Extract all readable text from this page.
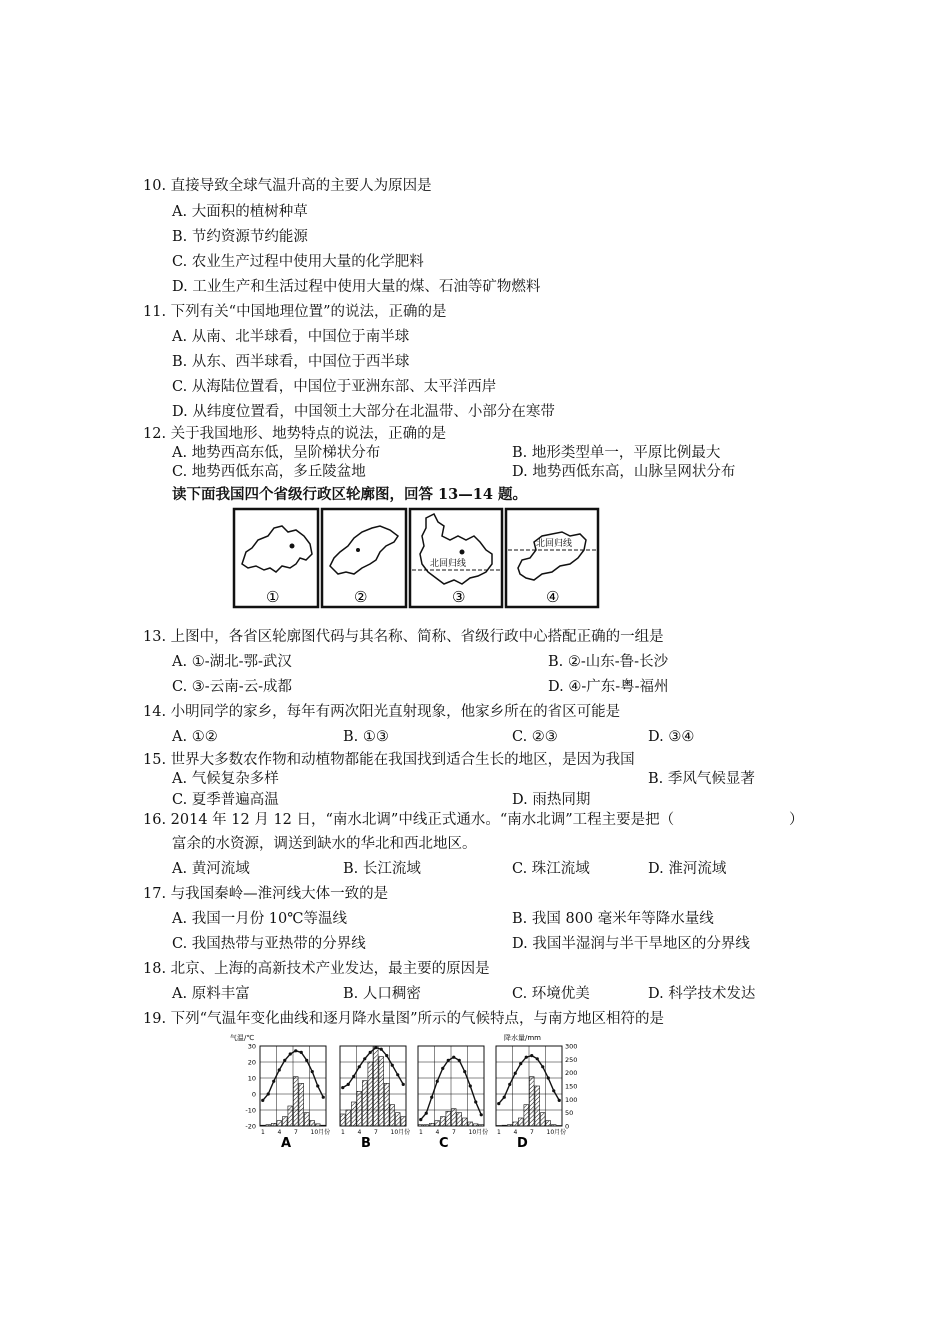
10. 直接导致全球气温升高的主要人为原因是
A. 大面积的植树种草
B. 节约资源节约能源
C. 农业生产过程中使用大量的化学肥料
D. 工业生产和生活过程中使用大量的煤、石油等矿物燃料
11. 下列有关“中国地理位置”的说法，正确的是
A. 从南、北半球看，中国位于南半球
B. 从东、西半球看，中国位于西半球
C. 从海陆位置看，中国位于亚洲东部、太平洋西岸
D. 从纬度位置看，中国领土大部分在北温带、小部分在寒带
12. 关于我国地形、地势特点的说法，正确的是
A. 地势西高东低，呈阶梯状分布	B. 地形类型单一，平原比例最大
C. 地势西低东高，多丘陵盆地	D. 地势西低东高，山脉呈网状分布
读下面我国四个省级行政区轮廓图，回答 13—14 题。
①	②
北回归线
③
北回归线
④
13. 上图中，各省区轮廓图代码与其名称、简称、省级行政中心搭配正确的一组是
A. ①-湖北-鄂-武汉	B. ②-山东-鲁-长沙
C. ③-云南-云-成都	D. ④-广东-粤-福州
14. 小明同学的家乡，每年有两次阳光直射现象，他家乡所在的省区可能是
A. ①②	B. ①③	C. ②③	D. ③④
15. 世界大多数农作物和动植物都能在我国找到适合生长的地区，是因为我国
A. 气候复杂多样	B. 季风气候显著
C. 夏季普遍高温	D. 雨热同期
16. 2014 年 12 月 12 日，“南水北调”中线正式通水。“南水北调”工程主要是把（	）
富余的水资源，调送到缺水的华北和西北地区。
A. 黄河流域	B. 长江流域	C. 珠江流域	D. 淮河流域
17. 与我国秦岭—淮河线大体一致的是
A. 我国一月份 10℃等温线	B. 我国 800 毫米年等降水量线
C. 我国热带与亚热带的分界线	D. 我国半湿润与半干旱地区的分界线
18. 北京、上海的高新技术产业发达，最主要的原因是
A. 原料丰富	B. 人口稠密	C. 环境优美	D. 科学技术发达
19. 下列“气温年变化曲线和逐月降水量图”所示的气候特点，与南方地区相符的是
气温/℃
30
20
10
0
-10
-20
降水量/mm
300
250
200
150
100
50
0
1 4 7 10月份
A
1 4 7 10月份
B
1 4 7 10月份
C
1 4 7 10月份
D
